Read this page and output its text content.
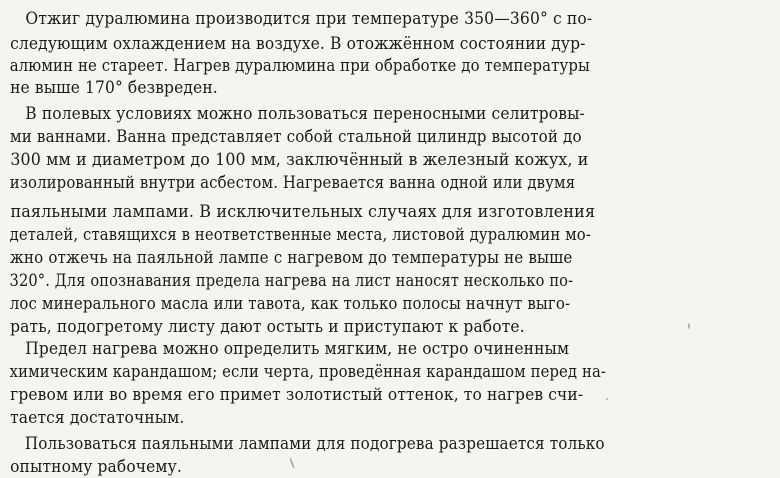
Отжиг дуралюмина производится при температуре 350—360° с по-
следующим охлаждением на воздухе. В отожжённом состоянии дур-
алюмин не стареет. Нагрев дуралюмина при обработке до температуры
не выше 170° безвреден.
В полевых условиях можно пользоваться переносными селитровы-
ми ваннами. Ванна представляет собой стальной цилиндр высотой до
300 мм и диаметром до 100 мм, заключённый в железный кожух, и
изолированный внутри асбестом. Нагревается ванна одной или двумя
паяльными лампами. В исключительных случаях для изготовления
деталей, ставящихся в неответственные места, листовой дуралюмин мо-
жно отжечь на паяльной лампе с нагревом до температуры не выше
320°. Для опознавания предела нагрева на лист наносят несколько по-
лос минерального масла или тавота, как только полосы начнут выго-
рать, подогретому листу дают остыть и приступают к работе.
Предел нагрева можно определить мягким, не остро очиненным
химическим карандашом; если черта, проведённая карандашом перед на-
гревом или во время его примет золотистый оттенок, то нагрев счи-
тается достаточным.
Пользоваться паяльными лампами для подогрева разрешается только
опытному рабочему.
